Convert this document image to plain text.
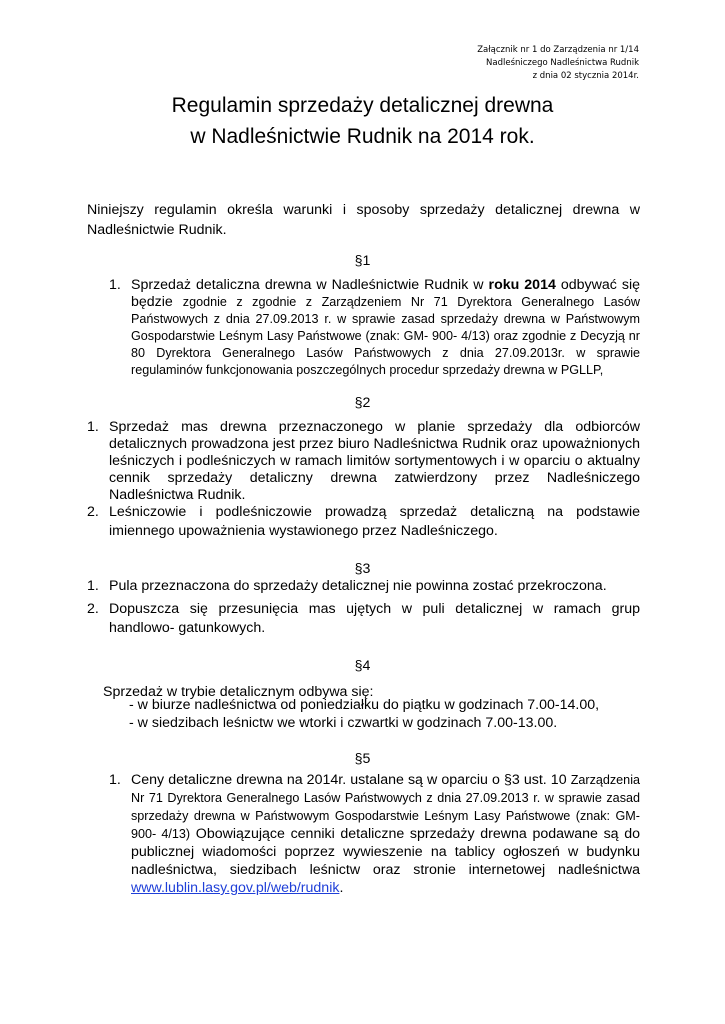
Załącznik nr 1 do Zarządzenia nr 1/14
Nadleśniczego Nadleśnictwa Rudnik
z dnia 02 stycznia 2014r.
Regulamin sprzedaży detalicznej drewna
w Nadleśnictwie Rudnik na 2014 rok.
Niniejszy regulamin określa warunki i sposoby sprzedaży detalicznej drewna w Nadleśnictwie Rudnik.
§1
1. Sprzedaż detaliczna drewna w Nadleśnictwie Rudnik w roku 2014 odbywać się będzie zgodnie z zgodnie z Zarządzeniem Nr 71 Dyrektora Generalnego Lasów Państwowych z dnia 27.09.2013 r. w sprawie zasad sprzedaży drewna w Państwowym Gospodarstwie Leśnym Lasy Państwowe (znak: GM- 900- 4/13) oraz zgodnie z Decyzją nr 80 Dyrektora Generalnego Lasów Państwowych z dnia 27.09.2013r. w sprawie regulaminów funkcjonowania poszczególnych procedur sprzedaży drewna w PGLLP,
§2
1. Sprzedaż mas drewna przeznaczonego w planie sprzedaży dla odbiorców detalicznych prowadzona jest przez biuro Nadleśnictwa Rudnik oraz upoważnionych leśniczych i podleśniczych w ramach limitów sortymentowych i w oparciu o aktualny cennik sprzedaży detaliczny drewna zatwierdzony przez Nadleśniczego Nadleśnictwa Rudnik.
2. Leśniczowie i podleśniczowie prowadzą sprzedaż detaliczną na podstawie imiennego upoważnienia wystawionego przez Nadleśniczego.
§3
1. Pula przeznaczona do sprzedaży detalicznej nie powinna zostać przekroczona.
2. Dopuszcza się przesunięcia mas ujętych w puli detalicznej w ramach grup handlowo- gatunkowych.
§4
Sprzedaż w trybie detalicznym odbywa się:
- w biurze nadleśnictwa od poniedziałku do piątku w godzinach 7.00-14.00,
- w siedzibach leśnictw we wtorki i czwartki w godzinach 7.00-13.00.
§5
1. Ceny detaliczne drewna na 2014r. ustalane są w oparciu o §3 ust. 10 Zarządzenia Nr 71 Dyrektora Generalnego Lasów Państwowych z dnia 27.09.2013 r. w sprawie zasad sprzedaży drewna w Państwowym Gospodarstwie Leśnym Lasy Państwowe (znak: GM- 900- 4/13) Obowiązujące cenniki detaliczne sprzedaży drewna podawane są do publicznej wiadomości poprzez wywieszenie na tablicy ogłoszeń w budynku nadleśnictwa, siedzibach leśnictw oraz stronie internetowej nadleśnictwa www.lublin.lasy.gov.pl/web/rudnik.
